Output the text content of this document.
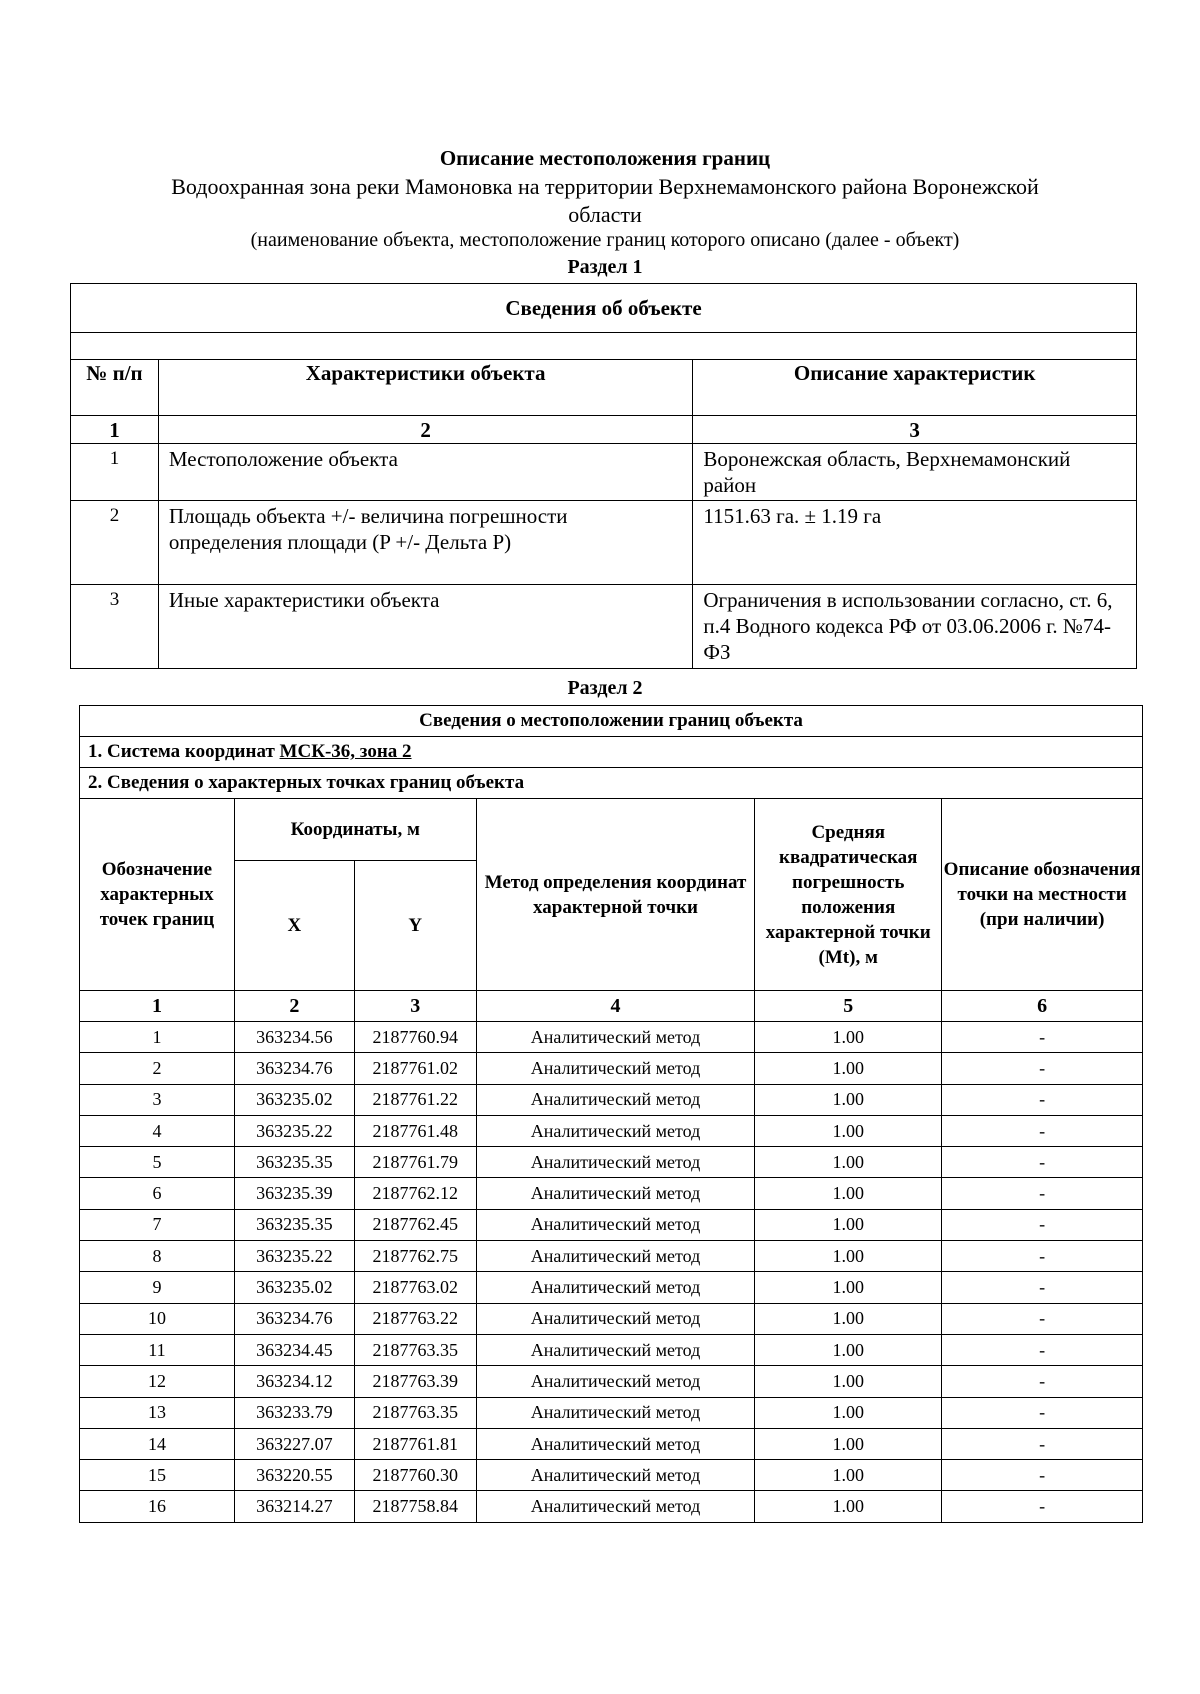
Описание местоположения границ
Водоохранная зона реки Мамоновка на территории Верхнемамонского района Воронежской
области
(наименование объекта, местоположение границ которого описано (далее - объект)
Раздел 1
Сведения об объекте		

№ п/п	Характеристики объекта	Описание характеристик
1	2	3
1	Местоположение объекта	Воронежская область, Верхнемамонский район
2	Площадь объекта +/- величина погрешности определения площади (P +/- Дельта P)	1151.63 га. ± 1.19 га
3	Иные характеристики объекта	Ограничения в использовании согласно, ст. 6, п.4 Водного кодекса РФ от 03.06.2006 г. №74-ФЗ
Раздел 2
Сведения о местоположении границ объекта					
1. Система координат МСК-36, зона 2					
2. Сведения о характерных точках границ объекта					
Обозначение характерных точек границ	Координаты, м		Метод определения координат характерной точки	Средняя квадратическая погрешность положения характерной точки (Mt), м	Описание обозначения точки на местности (при наличии)
	X	Y			
1	2	3	4	5	6
1	363234.56	2187760.94	Аналитический метод	1.00	-
2	363234.76	2187761.02	Аналитический метод	1.00	-
3	363235.02	2187761.22	Аналитический метод	1.00	-
4	363235.22	2187761.48	Аналитический метод	1.00	-
5	363235.35	2187761.79	Аналитический метод	1.00	-
6	363235.39	2187762.12	Аналитический метод	1.00	-
7	363235.35	2187762.45	Аналитический метод	1.00	-
8	363235.22	2187762.75	Аналитический метод	1.00	-
9	363235.02	2187763.02	Аналитический метод	1.00	-
10	363234.76	2187763.22	Аналитический метод	1.00	-
11	363234.45	2187763.35	Аналитический метод	1.00	-
12	363234.12	2187763.39	Аналитический метод	1.00	-
13	363233.79	2187763.35	Аналитический метод	1.00	-
14	363227.07	2187761.81	Аналитический метод	1.00	-
15	363220.55	2187760.30	Аналитический метод	1.00	-
16	363214.27	2187758.84	Аналитический метод	1.00	-
